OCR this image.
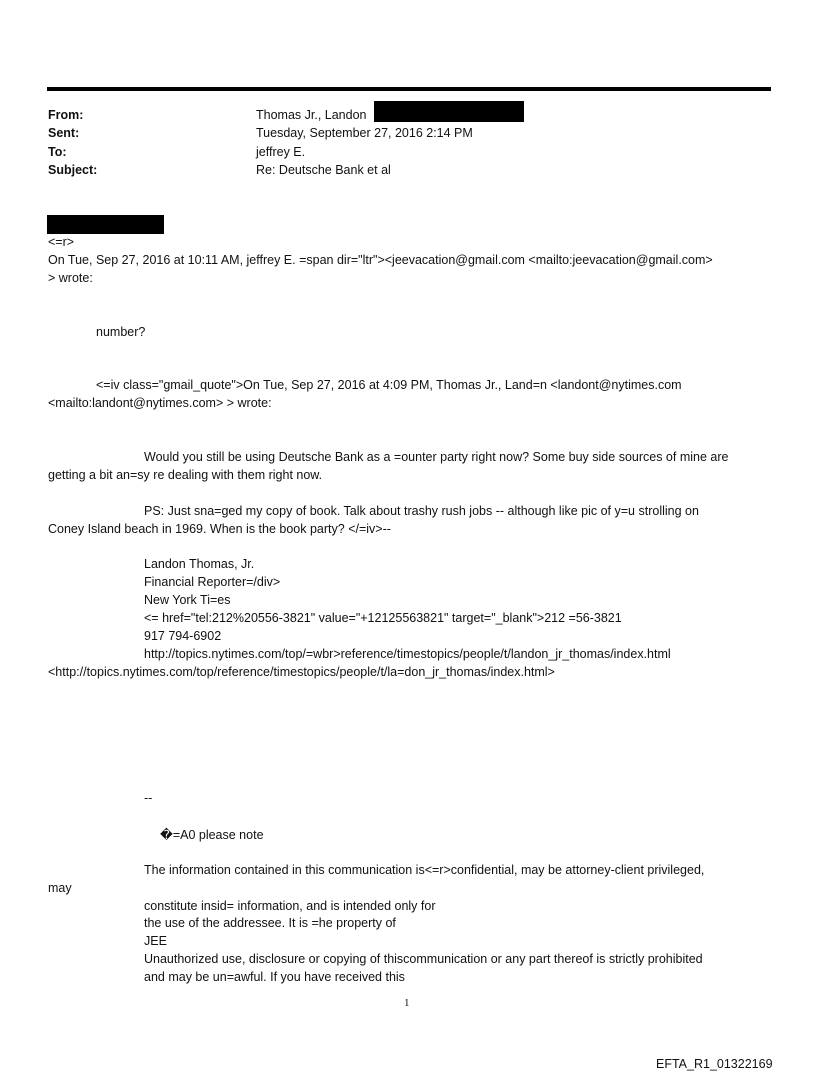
From:	Thomas Jr., Landon
Sent:	Tuesday, September 27, 2016 2:14 PM
To:	jeffrey E.
Subject:	Re: Deutsche Bank et al
<=r>
On Tue, Sep 27, 2016 at 10:11 AM, jeffrey E. =span dir="ltr"><jeevacation@gmail.com <mailto:jeevacation@gmail.com>
> wrote:
number?
<=iv class="gmail_quote">On Tue, Sep 27, 2016 at 4:09 PM, Thomas Jr., Land=n <landont@nytimes.com
<mailto:landont@nytimes.com> > wrote:
Would you still be using Deutsche Bank as a =ounter party right now? Some buy side sources of mine are
getting a bit an=sy re dealing with them right now.
PS: Just sna=ged my copy of book. Talk about trashy rush jobs -- although like pic of y=u strolling on
Coney Island beach in 1969. When is the book party? </=iv>--
Landon Thomas, Jr.
Financial Reporter=/div>
New York Ti=es
<= href="tel:212%20556-3821" value="+12125563821" target="_blank">212 =56-3821
917 794-6902
http://topics.nytimes.com/top/=wbr>reference/timestopics/people/t/landon_jr_thomas/index.html
<http://topics.nytimes.com/top/reference/timestopics/people/t/la=don_jr_thomas/index.html>
--
�=A0 please note
The information contained in this communication is<=r>confidential, may be attorney-client privileged,
may
constitute insid= information, and is intended only for
the use of the addressee. It is =he property of
JEE
Unauthorized use, disclosure or copying of thiscommunication or any part thereof is strictly prohibited
and may be un=awful. If you have received this
1
EFTA_R1_01322169
